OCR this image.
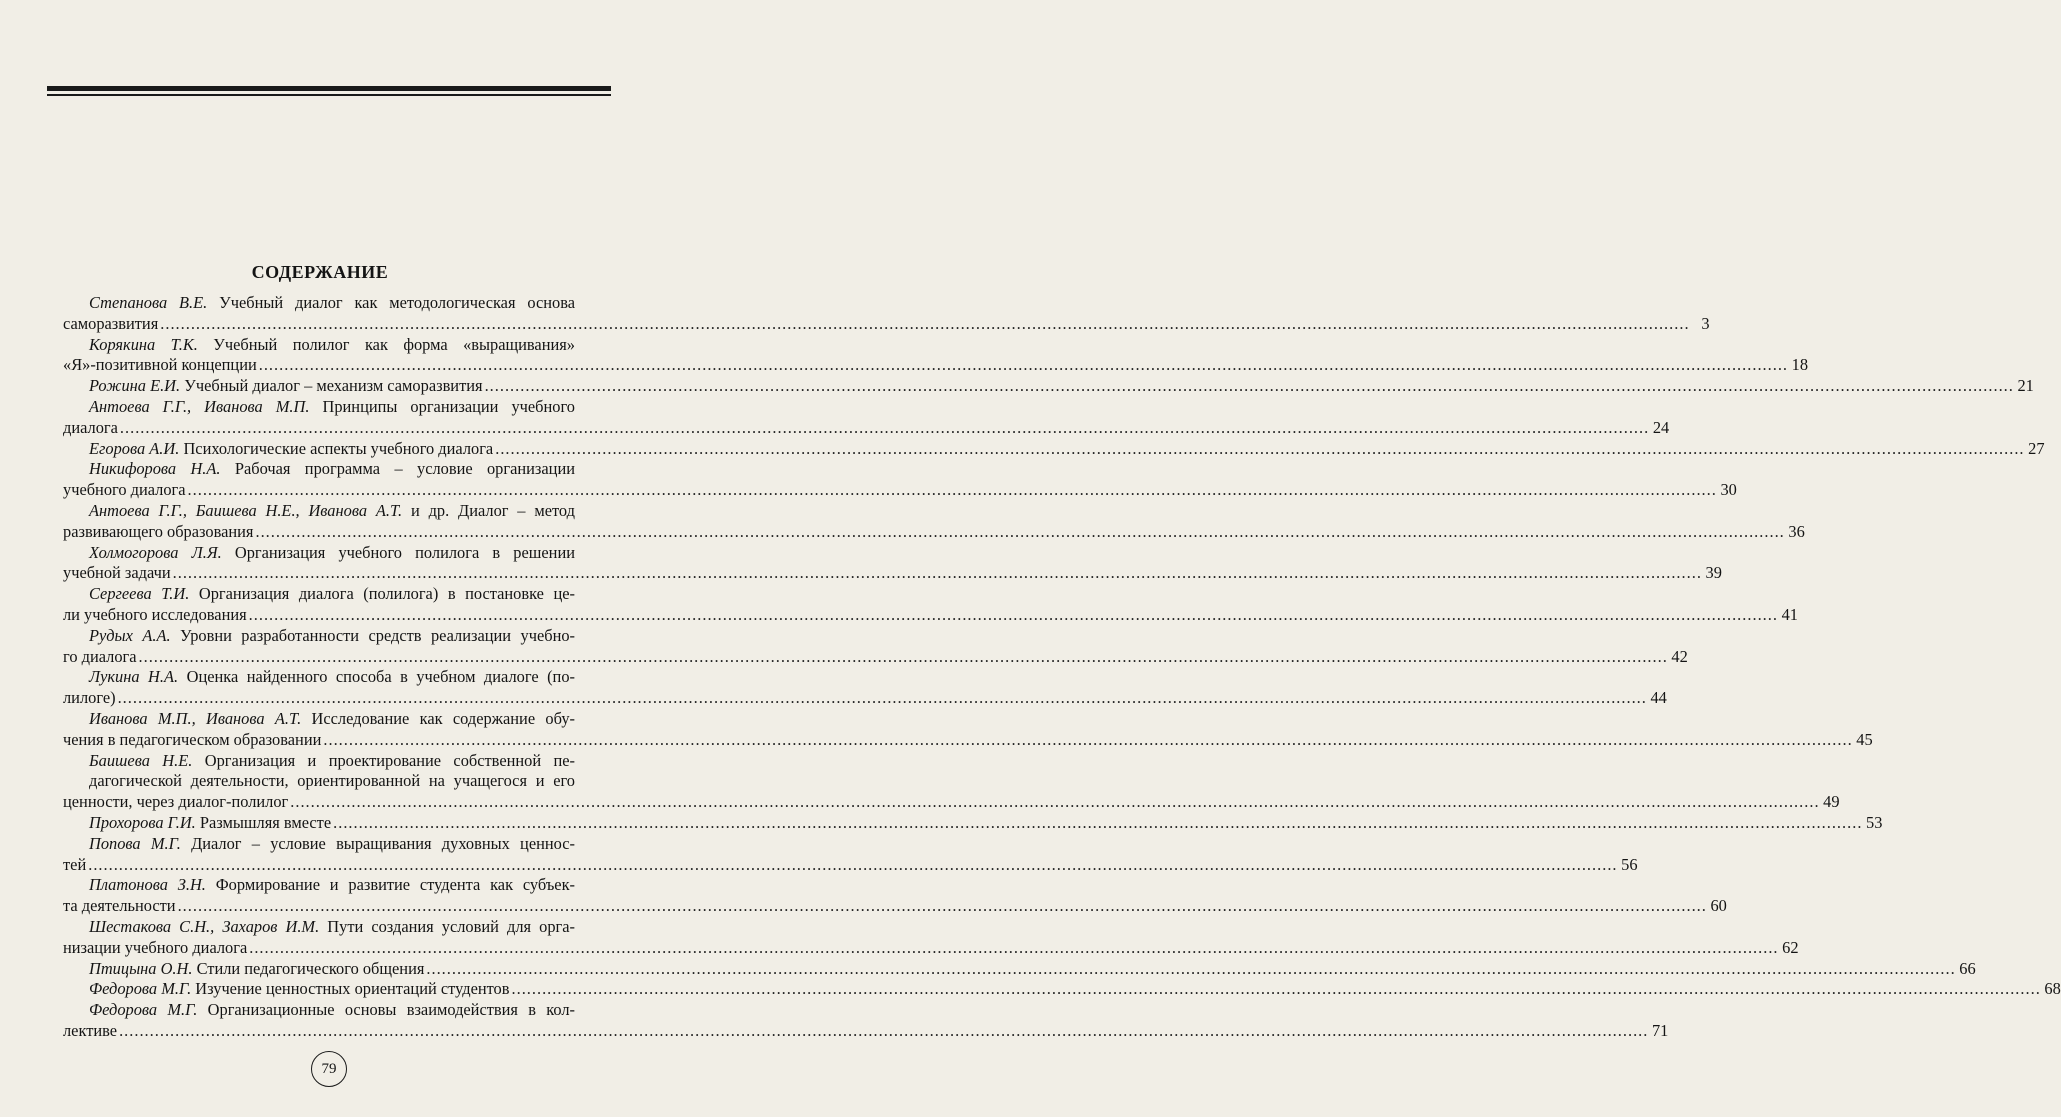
СОДЕРЖАНИЕ
Степанова В.Е. Учебный диалог как методологическая основа
саморазвития ............................................................................................................................................................................................................................................................................................................ 3
Корякина Т.К. Учебный полилог как форма «выращивания»
«Я»-позитивной концепции ............................................................................................................................................................................................................................................................................................................ 18
Рожина Е.И. Учебный диалог – механизм саморазвития ............................................................................................................................................................................................................................................................................................................ 21
Антоева Г.Г., Иванова М.П. Принципы организации учебного
диалога ............................................................................................................................................................................................................................................................................................................ 24
Егорова А.И. Психологические аспекты учебного диалога ............................................................................................................................................................................................................................................................................................................ 27
Никифорова Н.А. Рабочая программа – условие организации
учебного диалога ............................................................................................................................................................................................................................................................................................................ 30
Антоева Г.Г., Баишева Н.Е., Иванова А.Т. и др. Диалог – метод
развивающего образования ............................................................................................................................................................................................................................................................................................................ 36
Холмогорова Л.Я. Организация учебного полилога в решении
учебной задачи ............................................................................................................................................................................................................................................................................................................ 39
Сергеева Т.И. Организация диалога (полилога) в постановке це-
ли учебного исследования ............................................................................................................................................................................................................................................................................................................ 41
Рудых А.А. Уровни разработанности средств реализации учебно-
го диалога ............................................................................................................................................................................................................................................................................................................ 42
Лукина Н.А. Оценка найденного способа в учебном диалоге (по-
лилоге) ............................................................................................................................................................................................................................................................................................................ 44
Иванова М.П., Иванова А.Т. Исследование как содержание обу-
чения в педагогическом образовании ............................................................................................................................................................................................................................................................................................................ 45
Баишева Н.Е. Организация и проектирование собственной пе-
дагогической деятельности, ориентированной на учащегося и его
ценности, через диалог-полилог ............................................................................................................................................................................................................................................................................................................ 49
Прохорова Г.И. Размышляя вместе ............................................................................................................................................................................................................................................................................................................ 53
Попова М.Г. Диалог – условие выращивания духовных ценнос-
тей ............................................................................................................................................................................................................................................................................................................ 56
Платонова З.Н. Формирование и развитие студента как субъек-
та деятельности ............................................................................................................................................................................................................................................................................................................ 60
Шестакова С.Н., Захаров И.М. Пути создания условий для орга-
низации учебного диалога ............................................................................................................................................................................................................................................................................................................ 62
Птицына О.Н. Стили педагогического общения ............................................................................................................................................................................................................................................................................................................ 66
Федорова М.Г. Изучение ценностных ориентаций студентов ............................................................................................................................................................................................................................................................................................................ 68
Федорова М.Г. Организационные основы взаимодействия в кол-
лективе ............................................................................................................................................................................................................................................................................................................ 71
79
